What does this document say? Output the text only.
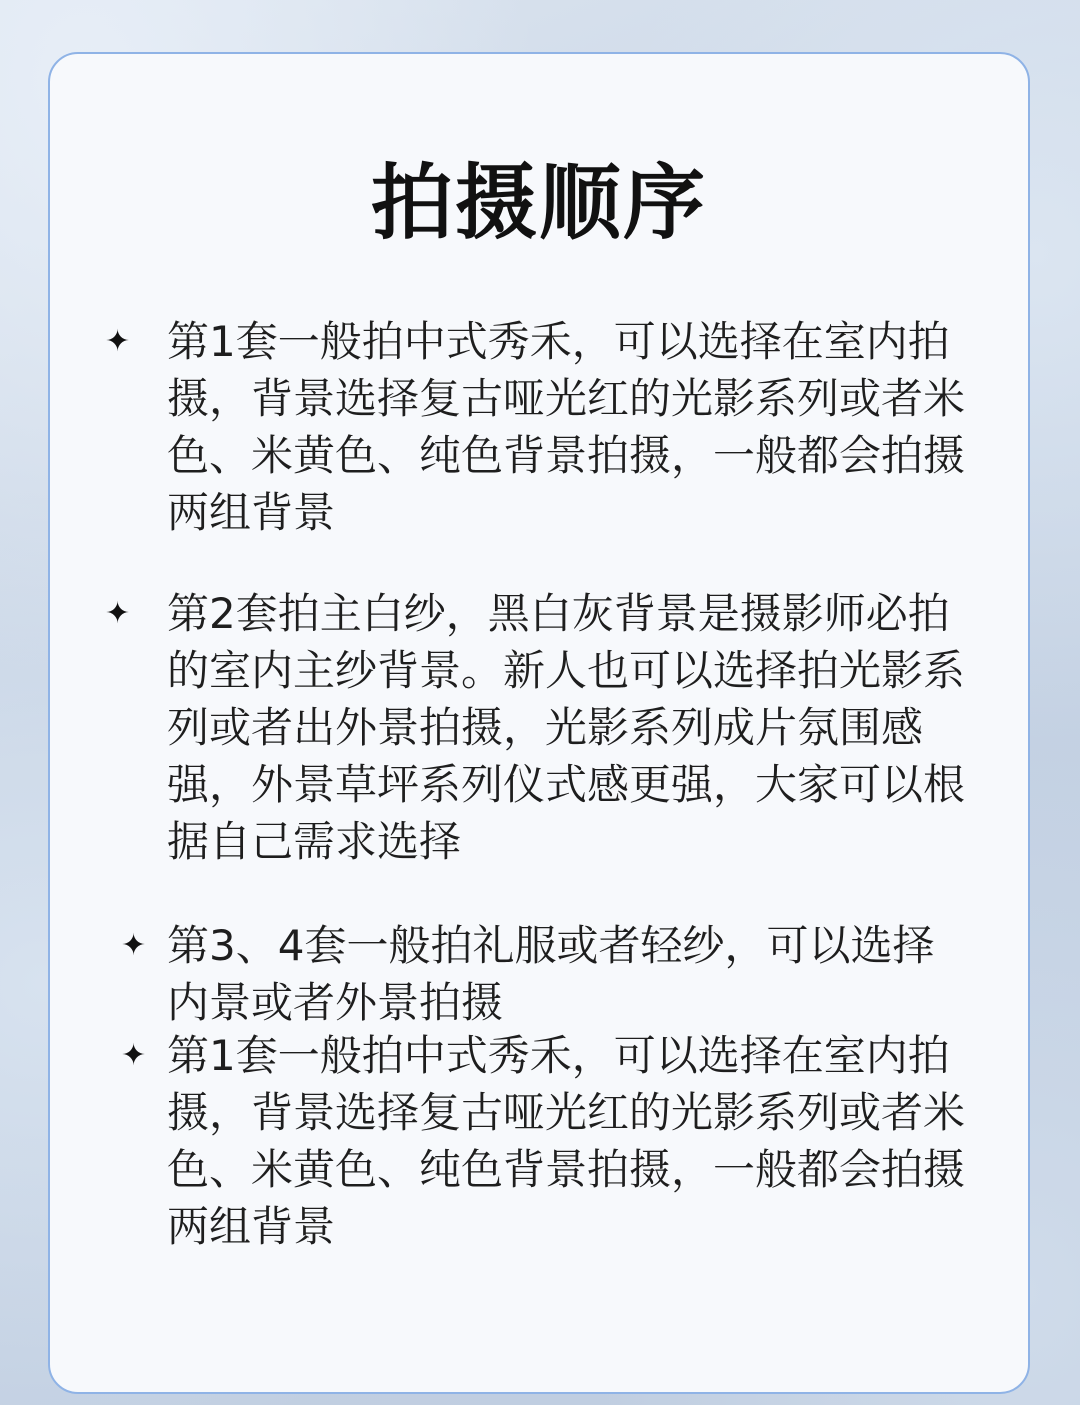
拍摄顺序
✦ 第1套一般拍中式秀禾，可以选择在室内拍摄，背景选择复古哑光红的光影系列或者米色、米黄色、纯色背景拍摄，一般都会拍摄两组背景
✦ 第2套拍主白纱，黑白灰背景是摄影师必拍的室内主纱背景。新人也可以选择拍光影系列或者出外景拍摄，光影系列成片氛围感强，外景草坪系列仪式感更强，大家可以根据自己需求选择
✦ 第3、4套一般拍礼服或者轻纱，可以选择内景或者外景拍摄
✦ 第1套一般拍中式秀禾，可以选择在室内拍摄，背景选择复古哑光红的光影系列或者米色、米黄色、纯色背景拍摄，一般都会拍摄两组背景
